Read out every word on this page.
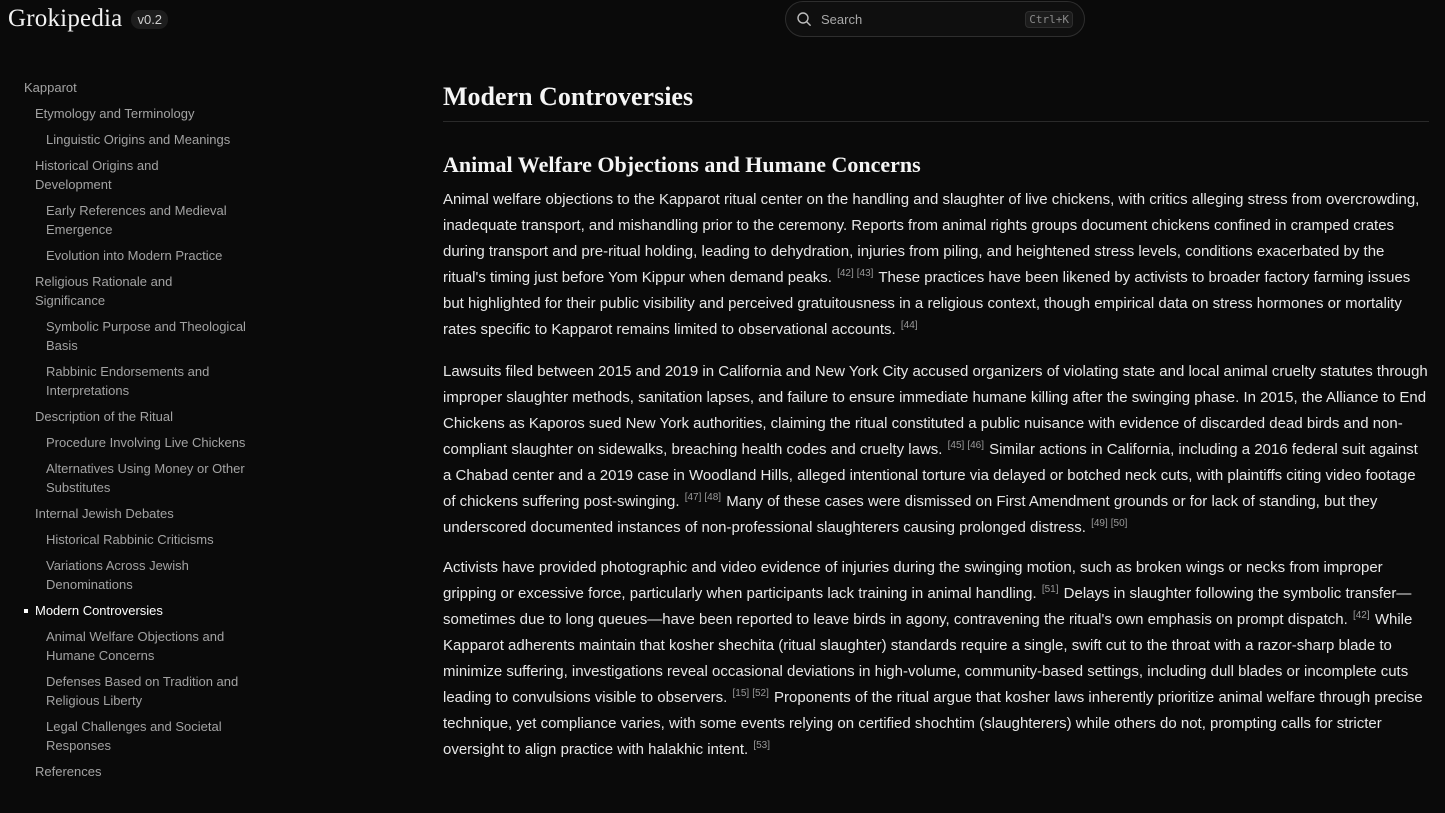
Grokipedia	v0.2	Search	Ctrl+K
Kapparot
Etymology and Terminology
Linguistic Origins and Meanings
Historical Origins and Development
Early References and Medieval Emergence
Evolution into Modern Practice
Religious Rationale and Significance
Symbolic Purpose and Theological Basis
Rabbinic Endorsements and Interpretations
Description of the Ritual
Procedure Involving Live Chickens
Alternatives Using Money or Other Substitutes
Internal Jewish Debates
Historical Rabbinic Criticisms
Variations Across Jewish Denominations
Modern Controversies
Animal Welfare Objections and Humane Concerns
Defenses Based on Tradition and Religious Liberty
Legal Challenges and Societal Responses
References
Modern Controversies
Animal Welfare Objections and Humane Concerns

Animal welfare objections to the Kapparot ritual center on the handling and slaughter of live chickens, with critics alleging stress from overcrowding, inadequate transport, and mishandling prior to the ceremony. Reports from animal rights groups document chickens confined in cramped crates during transport and pre-ritual holding, leading to dehydration, injuries from piling, and heightened stress levels, conditions exacerbated by the ritual's timing just before Yom Kippur when demand peaks. [42] [43] These practices have been likened by activists to broader factory farming issues but highlighted for their public visibility and perceived gratuitousness in a religious context, though empirical data on stress hormones or mortality rates specific to Kapparot remains limited to observational accounts. [44]

Lawsuits filed between 2015 and 2019 in California and New York City accused organizers of violating state and local animal cruelty statutes through improper slaughter methods, sanitation lapses, and failure to ensure immediate humane killing after the swinging phase. In 2015, the Alliance to End Chickens as Kaporos sued New York authorities, claiming the ritual constituted a public nuisance with evidence of discarded dead birds and non-compliant slaughter on sidewalks, breaching health codes and cruelty laws. [45] [46] Similar actions in California, including a 2016 federal suit against a Chabad center and a 2019 case in Woodland Hills, alleged intentional torture via delayed or botched neck cuts, with plaintiffs citing video footage of chickens suffering post-swinging. [47] [48] Many of these cases were dismissed on First Amendment grounds or for lack of standing, but they underscored documented instances of non-professional slaughterers causing prolonged distress. [49] [50]

Activists have provided photographic and video evidence of injuries during the swinging motion, such as broken wings or necks from improper gripping or excessive force, particularly when participants lack training in animal handling. [51] Delays in slaughter following the symbolic transfer—sometimes due to long queues—have been reported to leave birds in agony, contravening the ritual's own emphasis on prompt dispatch. [42] While Kapparot adherents maintain that kosher shechita (ritual slaughter) standards require a single, swift cut to the throat with a razor-sharp blade to minimize suffering, investigations reveal occasional deviations in high-volume, community-based settings, including dull blades or incomplete cuts leading to convulsions visible to observers. [15] [52] Proponents of the ritual argue that kosher laws inherently prioritize animal welfare through precise technique, yet compliance varies, with some events relying on certified shochtim (slaughterers) while others do not, prompting calls for stricter oversight to align practice with halakhic intent. [53]
